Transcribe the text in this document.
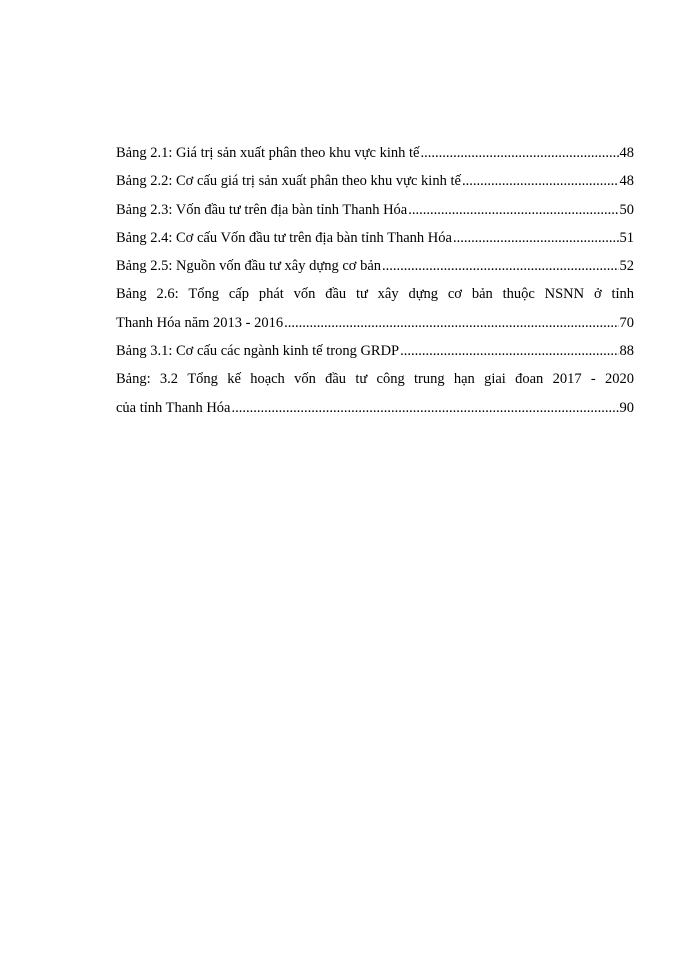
Bảng 2.1: Giá trị sản xuất phân theo khu vực kinh tế .....	48
Bảng 2.2: Cơ cấu giá trị sản xuất phân theo khu vực kinh tế .....	48
Bảng 2.3: Vốn đầu tư trên địa bàn tỉnh Thanh Hóa .....	50
Bảng 2.4: Cơ cấu Vốn đầu tư trên địa bàn tỉnh Thanh Hóa .....	51
Bảng 2.5: Nguồn vốn đầu tư xây dựng cơ bản .....	52
Bảng 2.6: Tổng cấp phát vốn đầu tư xây dựng cơ bản thuộc NSNN ở tỉnh
Thanh Hóa năm 2013 - 2016 .....	70
Bảng 3.1: Cơ cấu các ngành kinh tế trong GRDP .....	88
Bảng: 3.2 Tổng kế hoạch vốn đầu tư công trung hạn giai đoan 2017 - 2020
của tỉnh Thanh Hóa .....	90
